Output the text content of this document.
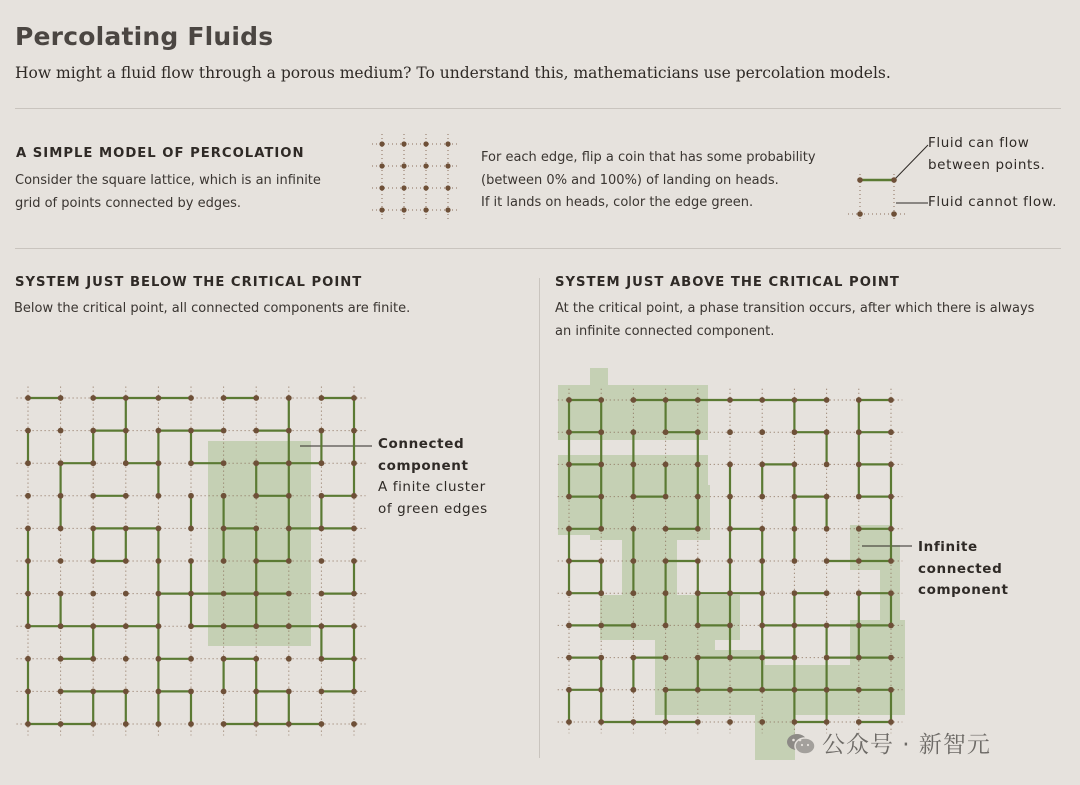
Percolating Fluids
How might a fluid flow through a porous medium? To understand this, mathematicians use percolation models.
A SIMPLE MODEL OF PERCOLATION
Consider the square lattice, which is an infinite
grid of points connected by edges.
For each edge, flip a coin that has some probability
(between 0% and 100%) of landing on heads.
If it lands on heads, color the edge green.
Fluid can flow
between points.
Fluid cannot flow.
SYSTEM JUST BELOW THE CRITICAL POINT
Below the critical point, all connected components are finite.
SYSTEM JUST ABOVE THE CRITICAL POINT
At the critical point, a phase transition occurs, after which there is always
an infinite connected component.
Connected
component
A finite cluster
of green edges
Infinite
connected
component
公众号 · 新智元
